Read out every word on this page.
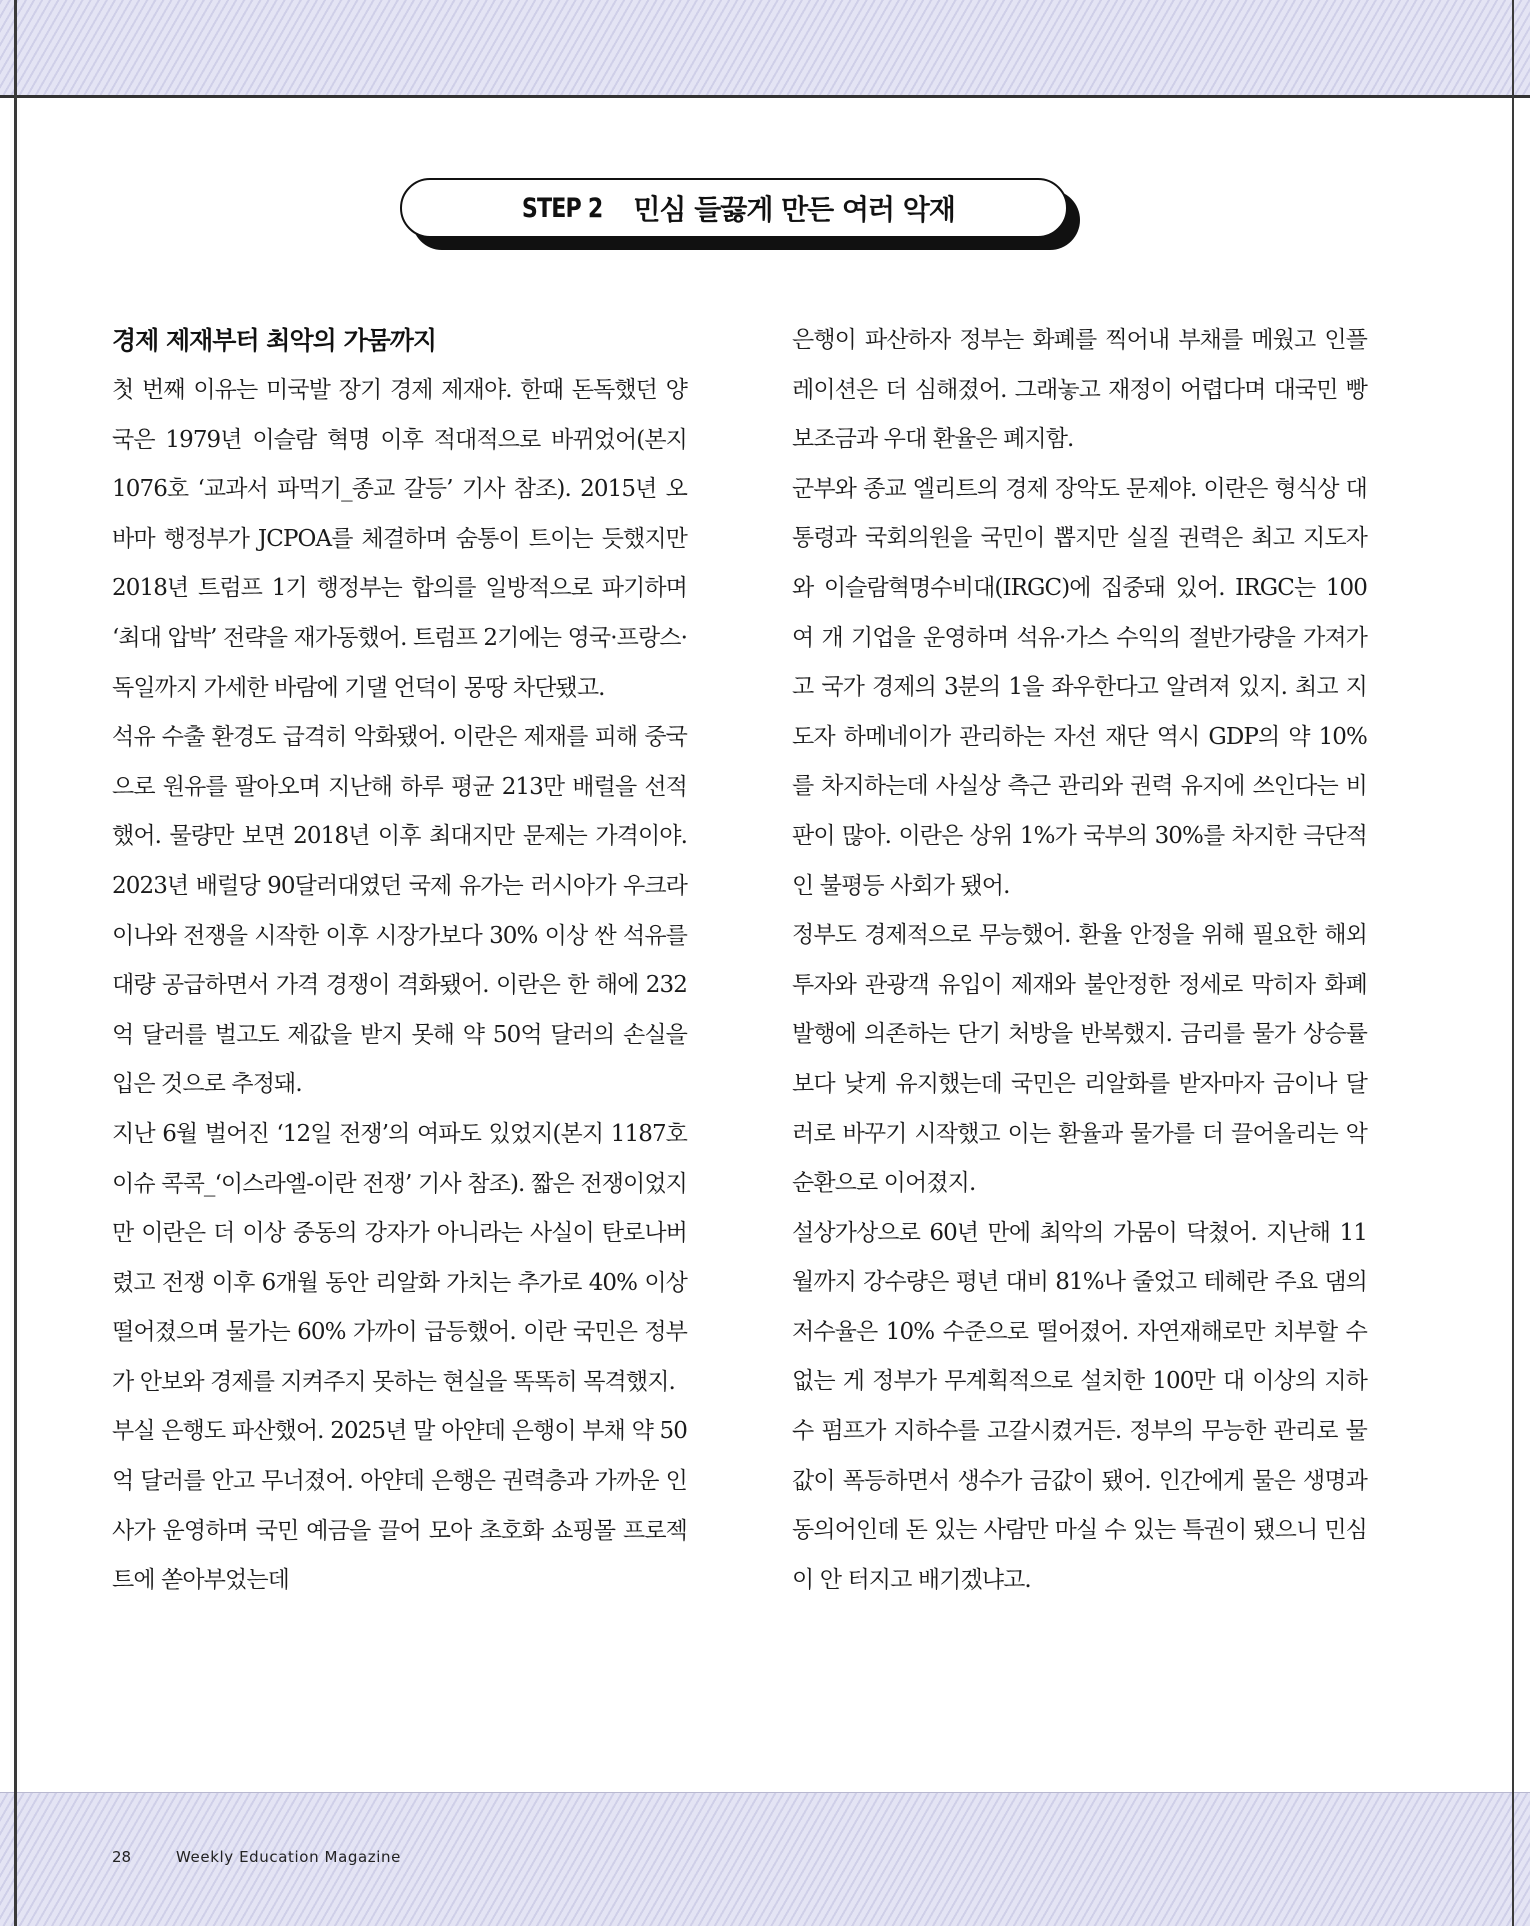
STEP 2 민심 들끓게 만든 여러 악재
경제 제재부터 최악의 가뭄까지

첫 번째 이유는 미국발 장기 경제 제재야. 한때 돈독했던 양국은 1979년 이슬람 혁명 이후 적대적으로 바뀌었어(본지 1076호 ‘교과서 파먹기_종교 갈등’ 기사 참조). 2015년 오바마 행정부가 JCPOA를 체결하며 숨통이 트이는 듯했지만 2018년 트럼프 1기 행정부는 합의를 일방적으로 파기하며 ‘최대 압박’ 전략을 재가동했어. 트럼프 2기에는 영국·프랑스·독일까지 가세한 바람에 기댈 언덕이 몽땅 차단됐고.

석유 수출 환경도 급격히 악화됐어. 이란은 제재를 피해 중국으로 원유를 팔아오며 지난해 하루 평균 213만 배럴을 선적했어. 물량만 보면 2018년 이후 최대지만 문제는 가격이야. 2023년 배럴당 90달러대였던 국제 유가는 러시아가 우크라이나와 전쟁을 시작한 이후 시장가보다 30% 이상 싼 석유를 대량 공급하면서 가격 경쟁이 격화됐어. 이란은 한 해에 232억 달러를 벌고도 제값을 받지 못해 약 50억 달러의 손실을 입은 것으로 추정돼.

지난 6월 벌어진 ‘12일 전쟁’의 여파도 있었지(본지 1187호 이슈 콕콕_‘이스라엘-이란 전쟁’ 기사 참조). 짧은 전쟁이었지만 이란은 더 이상 중동의 강자가 아니라는 사실이 탄로나버렸고 전쟁 이후 6개월 동안 리알화 가치는 추가로 40% 이상 떨어졌으며 물가는 60% 가까이 급등했어. 이란 국민은 정부가 안보와 경제를 지켜주지 못하는 현실을 똑똑히 목격했지.

부실 은행도 파산했어. 2025년 말 아얀데 은행이 부채 약 50억 달러를 안고 무너졌어. 아얀데 은행은 권력층과 가까운 인사가 운영하며 국민 예금을 끌어 모아 초호화 쇼핑몰 프로젝트에 쏟아부었는데

은행이 파산하자 정부는 화폐를 찍어내 부채를 메웠고 인플레이션은 더 심해졌어. 그래놓고 재정이 어렵다며 대국민 빵 보조금과 우대 환율은 폐지함.

군부와 종교 엘리트의 경제 장악도 문제야. 이란은 형식상 대통령과 국회의원을 국민이 뽑지만 실질 권력은 최고 지도자와 이슬람혁명수비대(IRGC)에 집중돼 있어. IRGC는 100여 개 기업을 운영하며 석유·가스 수익의 절반가량을 가져가고 국가 경제의 3분의 1을 좌우한다고 알려져 있지. 최고 지도자 하메네이가 관리하는 자선 재단 역시 GDP의 약 10%를 차지하는데 사실상 측근 관리와 권력 유지에 쓰인다는 비판이 많아. 이란은 상위 1%가 국부의 30%를 차지한 극단적인 불평등 사회가 됐어.

정부도 경제적으로 무능했어. 환율 안정을 위해 필요한 해외 투자와 관광객 유입이 제재와 불안정한 정세로 막히자 화폐 발행에 의존하는 단기 처방을 반복했지. 금리를 물가 상승률보다 낮게 유지했는데 국민은 리알화를 받자마자 금이나 달러로 바꾸기 시작했고 이는 환율과 물가를 더 끌어올리는 악순환으로 이어졌지.

설상가상으로 60년 만에 최악의 가뭄이 닥쳤어. 지난해 11월까지 강수량은 평년 대비 81%나 줄었고 테헤란 주요 댐의 저수율은 10% 수준으로 떨어졌어. 자연재해로만 치부할 수 없는 게 정부가 무계획적으로 설치한 100만 대 이상의 지하수 펌프가 지하수를 고갈시켰거든. 정부의 무능한 관리로 물값이 폭등하면서 생수가 금값이 됐어. 인간에게 물은 생명과 동의어인데 돈 있는 사람만 마실 수 있는 특권이 됐으니 민심이 안 터지고 배기겠냐고.

28	Weekly Education Magazine
